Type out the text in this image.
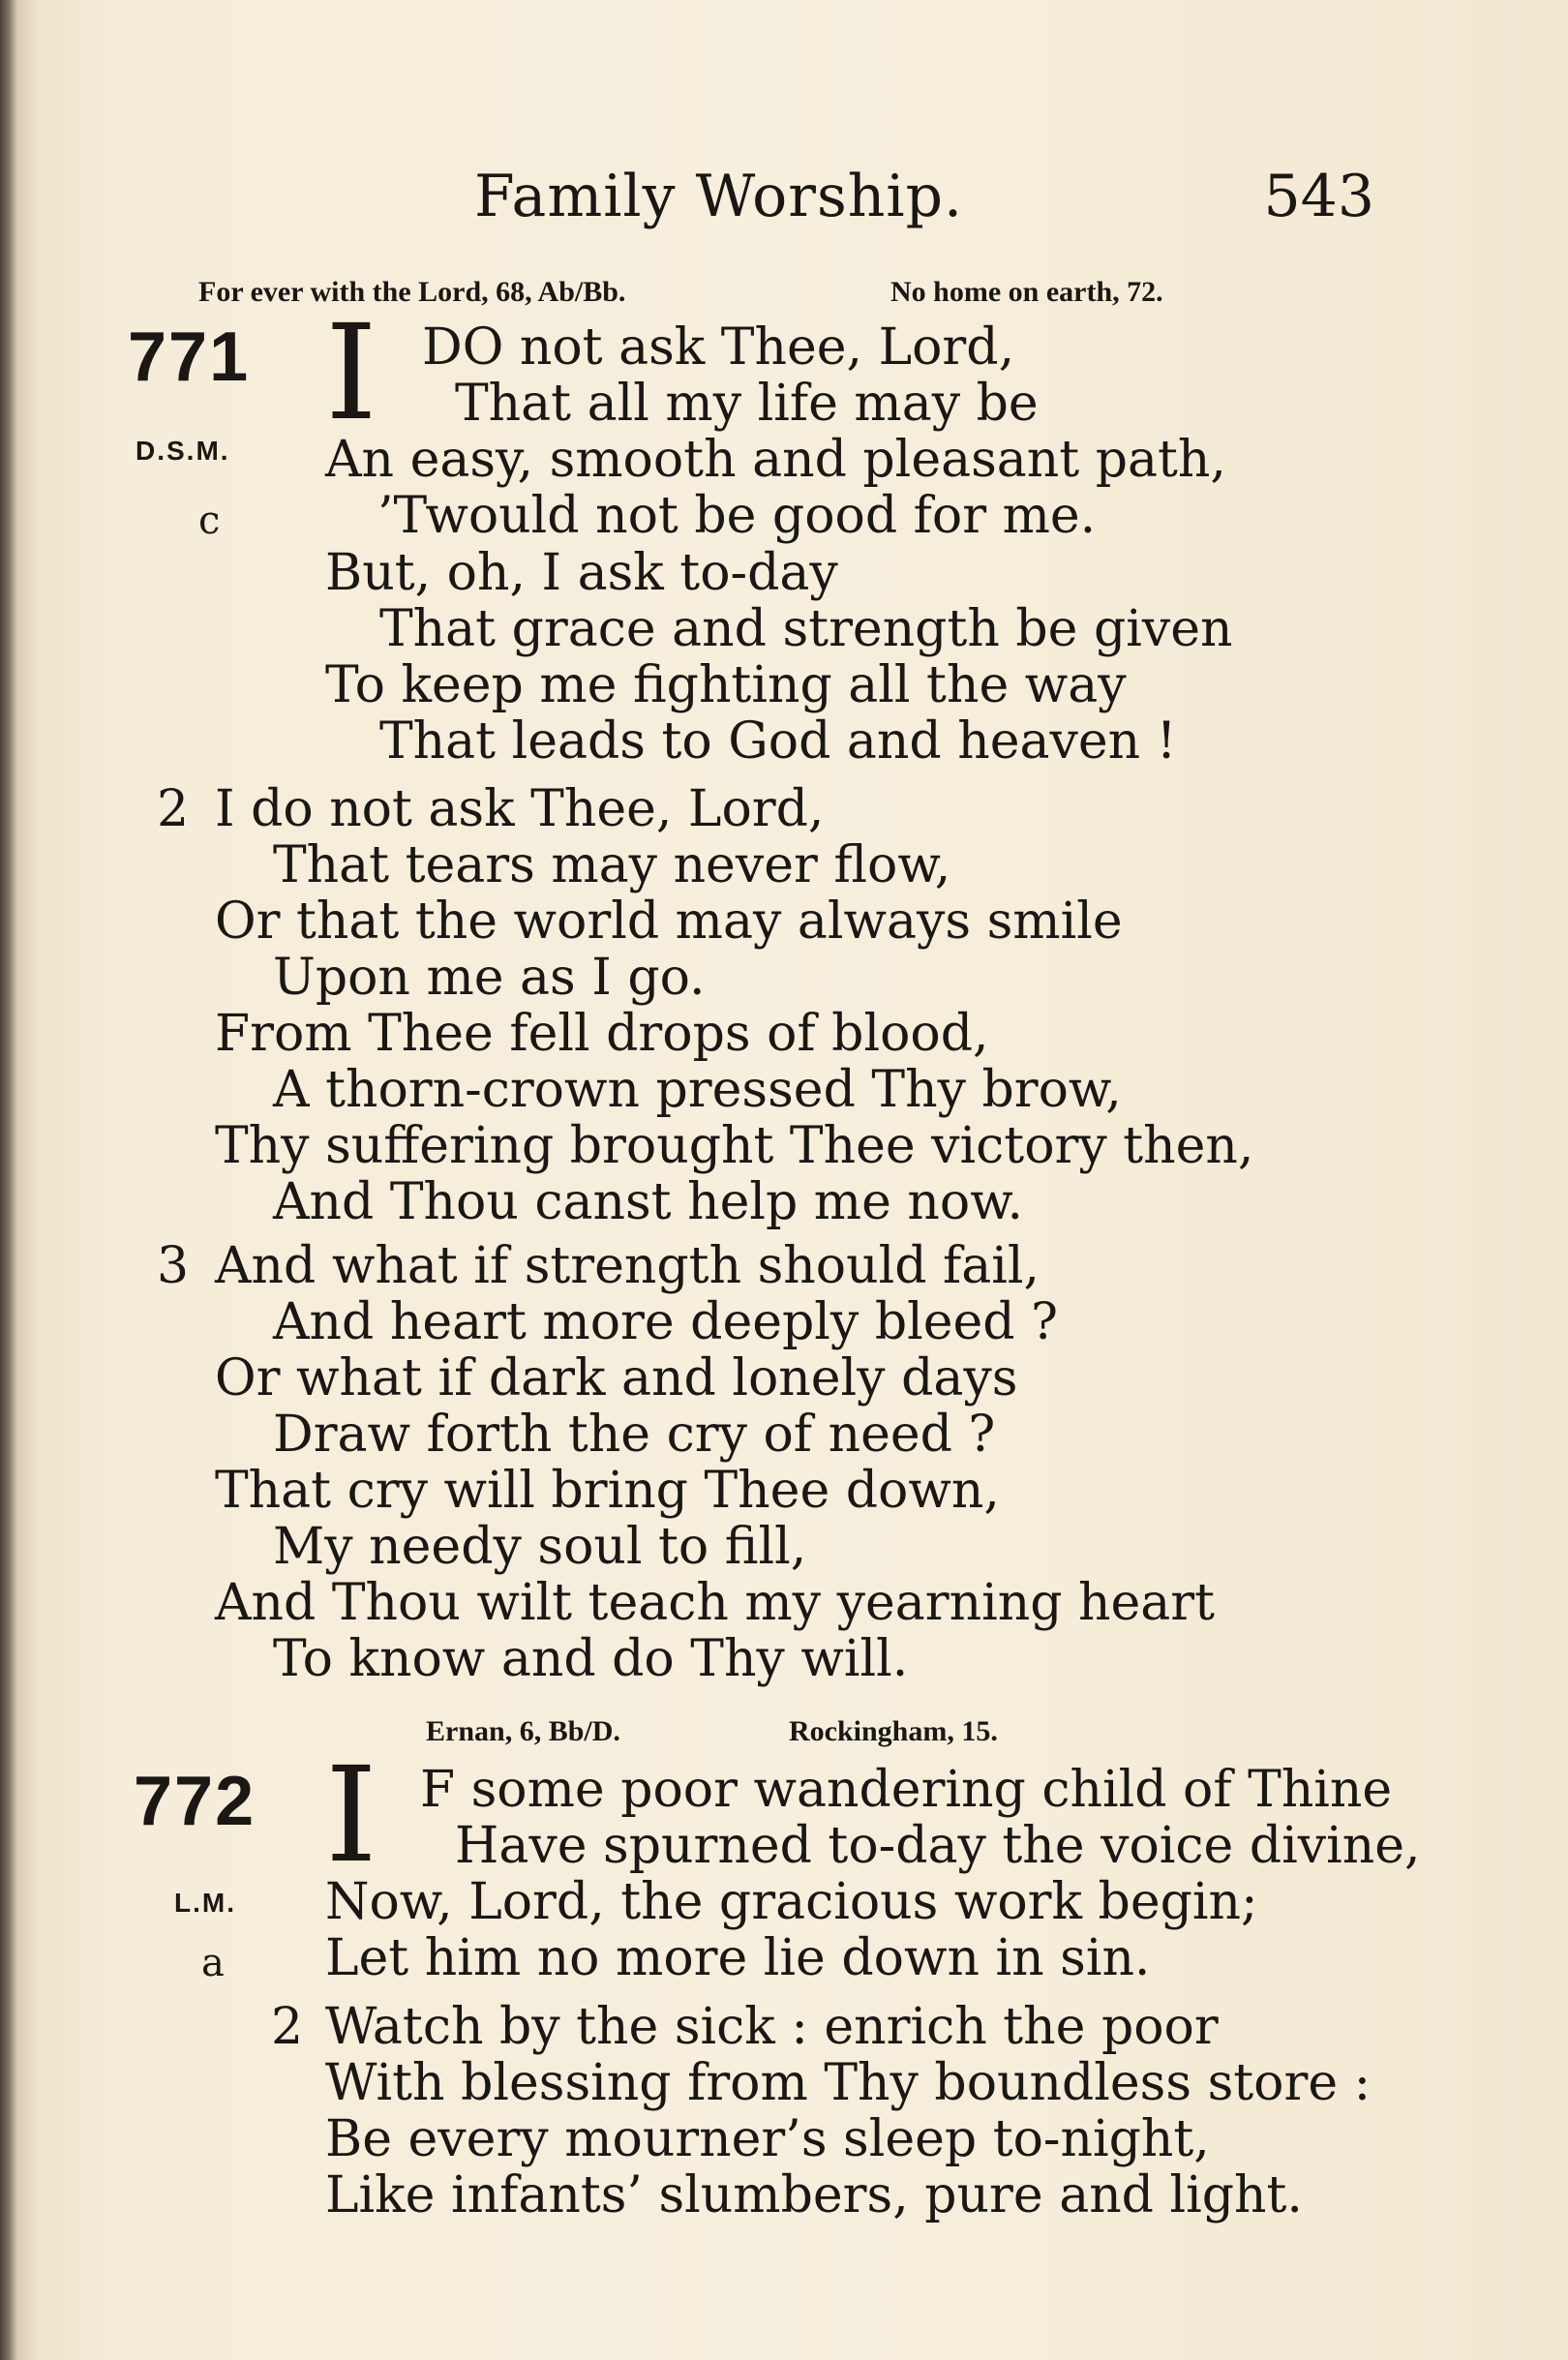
Family Worship.	543
For ever with the Lord, 68, Ab/Bb.	No home on earth, 72.
771
D.S.M.
c
I DO not ask Thee, Lord,
That all my life may be
An easy, smooth and pleasant path,
’Twould not be good for me.
But, oh, I ask to-day
That grace and strength be given
To keep me fighting all the way
That leads to God and heaven !
2 I do not ask Thee, Lord,
That tears may never flow,
Or that the world may always smile
Upon me as I go.
From Thee fell drops of blood,
A thorn-crown pressed Thy brow,
Thy suffering brought Thee victory then,
And Thou canst help me now.
3 And what if strength should fail,
And heart more deeply bleed ?
Or what if dark and lonely days
Draw forth the cry of need ?
That cry will bring Thee down,
My needy soul to fill,
And Thou wilt teach my yearning heart
To know and do Thy will.
Ernan, 6, Bb/D.	Rockingham, 15.
772
L.M.
a
I F some poor wandering child of Thine
Have spurned to-day the voice divine,
Now, Lord, the gracious work begin;
Let him no more lie down in sin.
2 Watch by the sick : enrich the poor
With blessing from Thy boundless store :
Be every mourner’s sleep to-night,
Like infants’ slumbers, pure and light.
